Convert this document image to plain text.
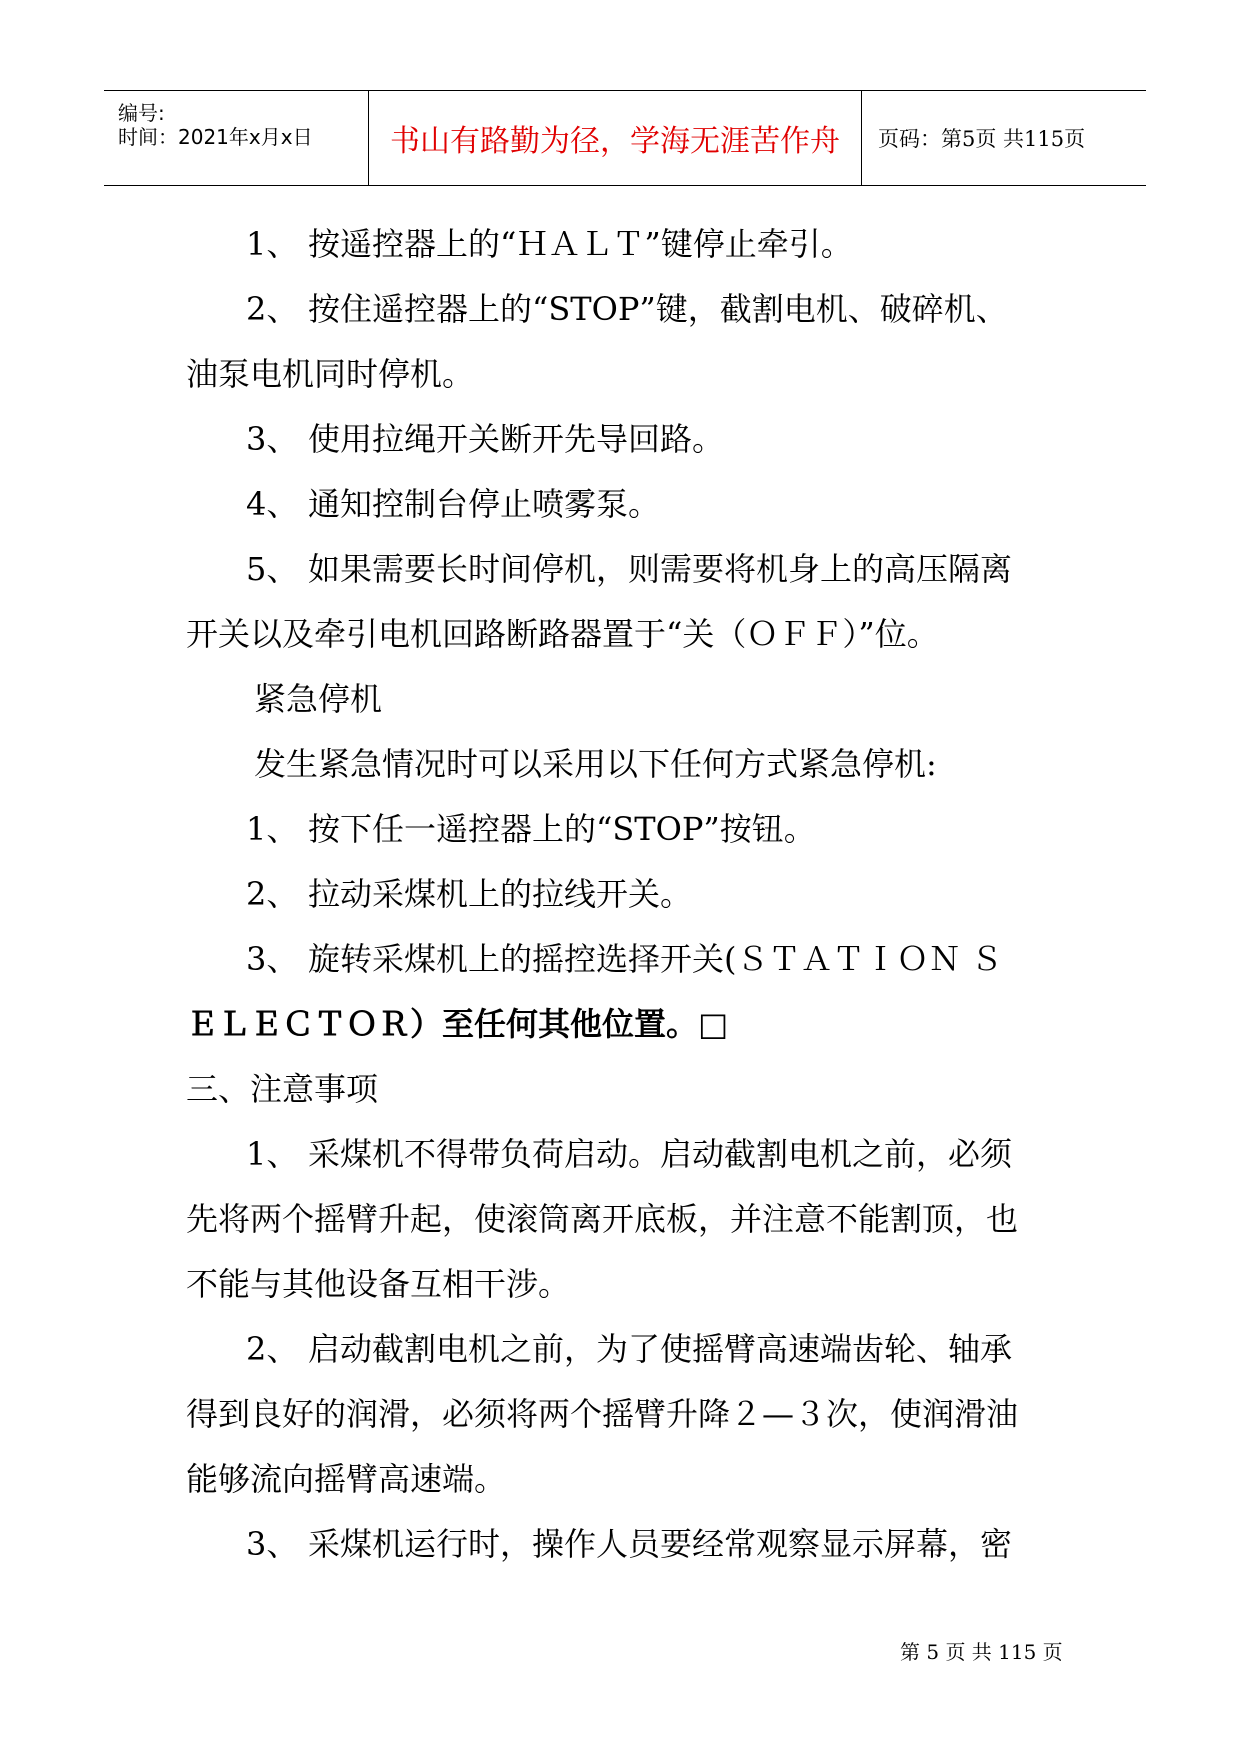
编号:
时间：2021年x月x日	书山有路勤为径，学海无涯苦作舟	页码：第5页 共115页
1、 按遥控器上的“ＨＡＬＴ”键停止牵引。
2、 按住遥控器上的“STOP”键，截割电机、破碎机、
油泵电机同时停机。
3、 使用拉绳开关断开先导回路。
4、 通知控制台停止喷雾泵。
5、 如果需要长时间停机，则需要将机身上的高压隔离
开关以及牵引电机回路断路器置于“关（ＯＦＦ）”位。
紧急停机
发生紧急情况时可以采用以下任何方式紧急停机:
1、 按下任一遥控器上的“STOP”按钮。
2、 拉动采煤机上的拉线开关。
3、 旋转采煤机上的摇控选择开关(ＳＴＡＴＩＯＮ Ｓ
ＥＬＥＣＴＯＲ）至任何其他位置。□
三、注意事项
1、 采煤机不得带负荷启动。启动截割电机之前，必须
先将两个摇臂升起，使滚筒离开底板，并注意不能割顶，也
不能与其他设备互相干涉。
2、 启动截割电机之前，为了使摇臂高速端齿轮、轴承
得到良好的润滑，必须将两个摇臂升降２—３次，使润滑油
能够流向摇臂高速端。
3、 采煤机运行时，操作人员要经常观察显示屏幕，密
第 5 页 共 115 页
